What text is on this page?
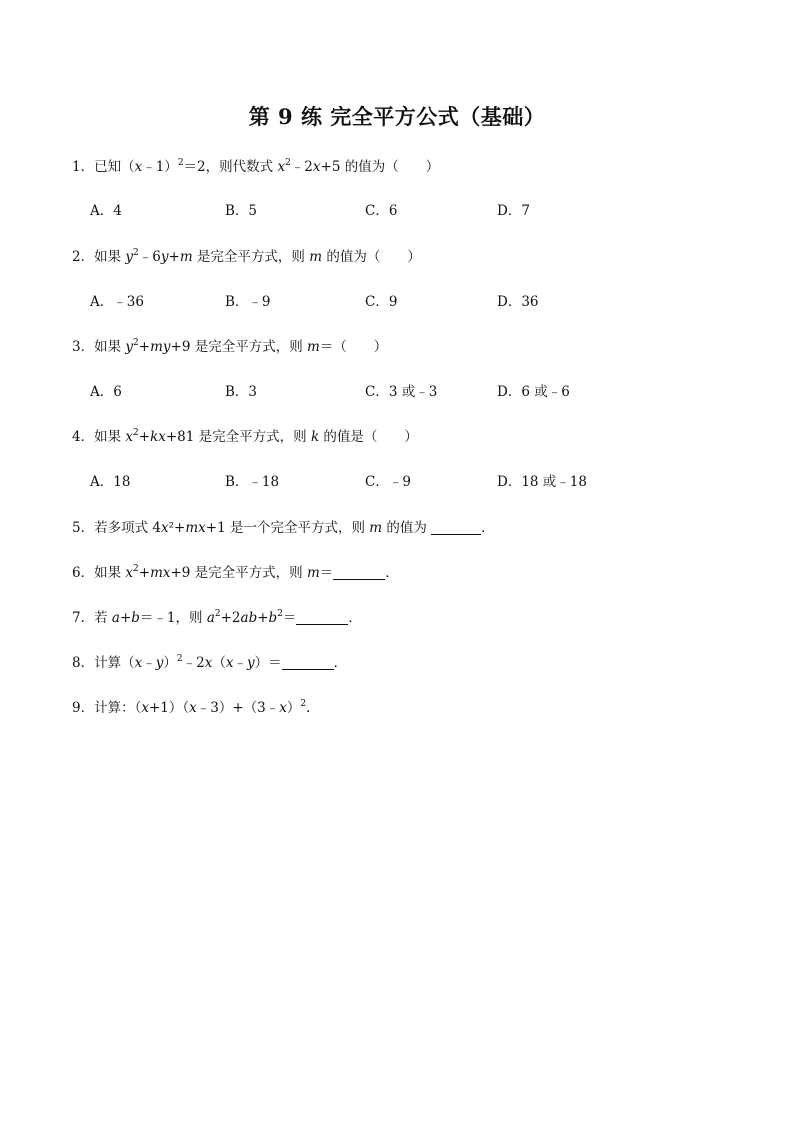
第 9 练 完全平方公式（基础）
1．已知（x﹣1）$^2$＝2，则代数式 $x^2﹣2x+5$ 的值为（　　）
A．4	B．5	C．6	D．7
2．如果 $y^2﹣6y+m$ 是完全平方式，则 m 的值为（　　）
A．﹣36	B．﹣9	C．9	D．36
3．如果 $y^2+my+9$ 是完全平方式，则 m＝（　　）
A．6	B．3	C．3 或﹣3	D．6 或﹣6
4．如果 $x^2+kx+81$ 是完全平方式，则 k 的值是（　　）
A．18	B．﹣18	C．﹣9	D．18 或﹣18
5．若多项式 4x²+mx+1 是一个完全平方式，则 m 的值为	．
6．如果 $x^2+mx+9$ 是完全平方式，则 m＝	．
7．若 a+b＝﹣1，则 $a^2+2ab+b^2=$	．
8．计算（x﹣y）$^2$﹣2x（x﹣y）＝	．
9．计算：（x+1）（x﹣3）+（3﹣x）$^2$．
